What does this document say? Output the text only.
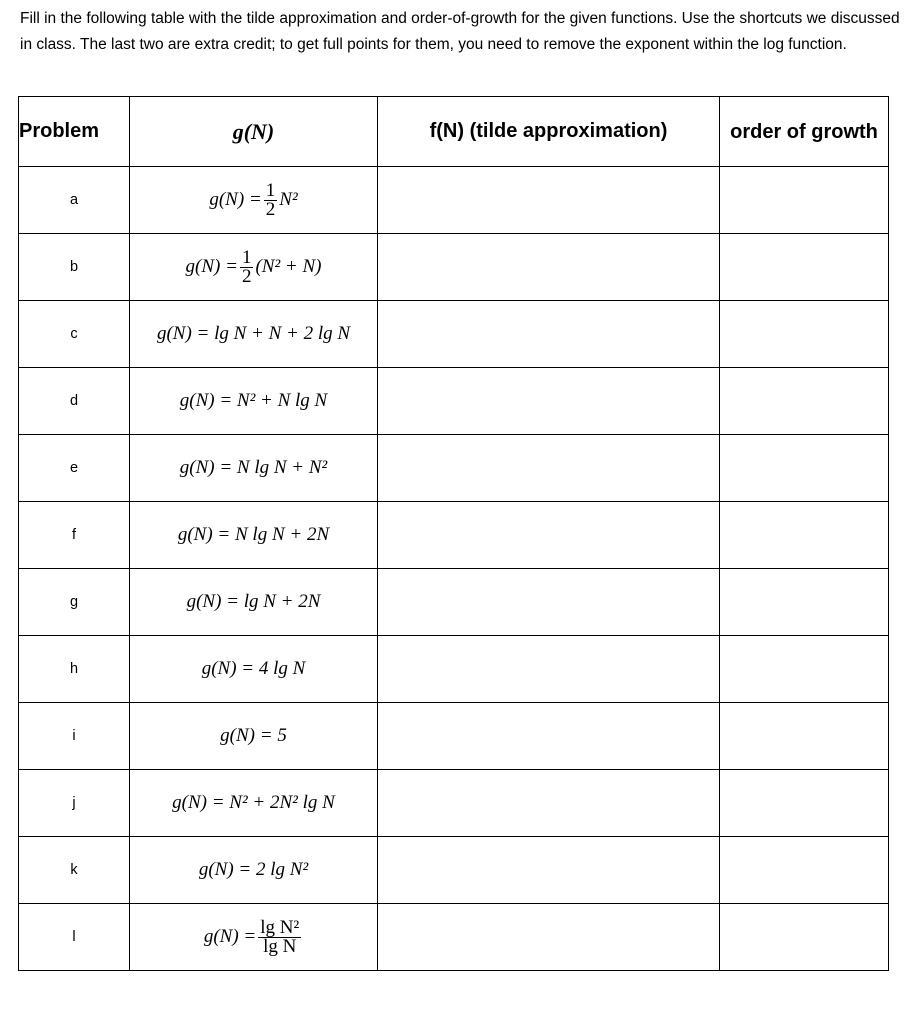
Fill in the following table with the tilde approximation and order-of-growth for the given functions. Use the shortcuts we discussed in class. The last two are extra credit; to get full points for them, you need to remove the exponent within the log function.
Problem	g(N)	f(N) (tilde approximation)	order of growth
a	$g(N) = \frac{1}{2} N^2$		
b	$g(N) = \frac{1}{2} (N^2 + N)$		
c	g(N) = lg N + N + 2 lg N		
d	g(N) = N² + N lg N		
e	g(N) = N lg N + N²		
f	g(N) = N lg N + 2N		
g	g(N) = lg N + 2N		
h	g(N) = 4 lg N		
i	g(N) = 5		
j	g(N) = N² + 2N² lg N		
k	g(N) = 2 lg N²		
l	$g(N) = \frac{\text{lg N²}}{\text{lg N}}$
